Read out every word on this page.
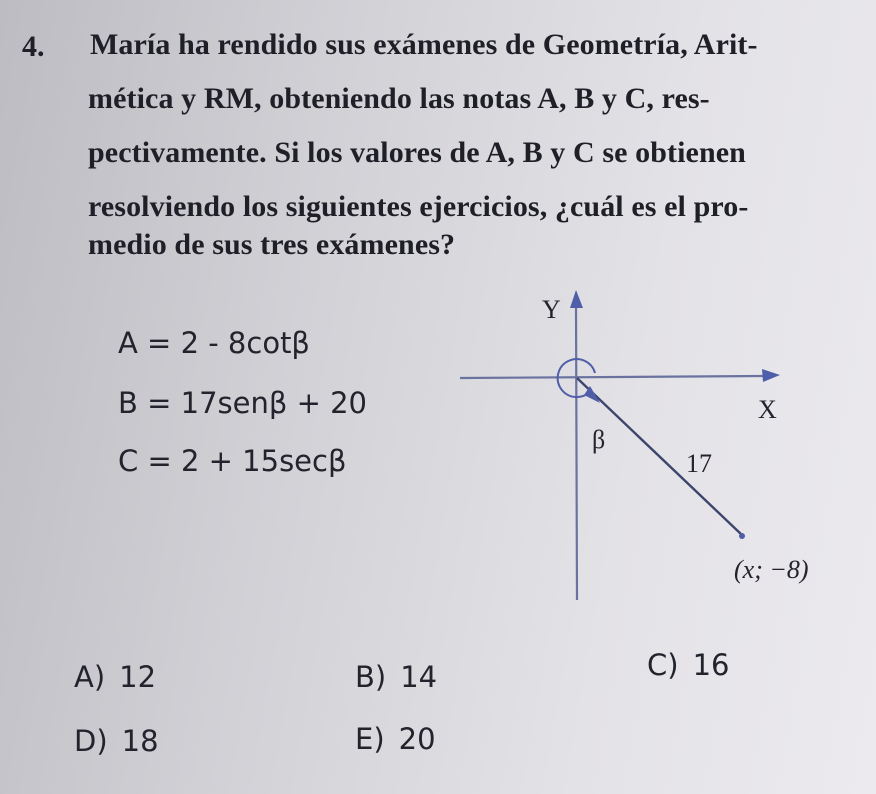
4. María ha rendido sus exámenes de Geometría, Arit-
mética y RM, obteniendo las notas A, B y C, res-
pectivamente. Si los valores de A, B y C se obtienen
resolviendo los siguientes ejercicios, ¿cuál es el pro-
medio de sus tres exámenes?
A = 2 - 8cotβ
B = 17senβ + 20
C = 2 + 15secβ
Y
X
β
17
(x; −8)
A) 12	B) 14	C) 16
D) 18	E) 20
